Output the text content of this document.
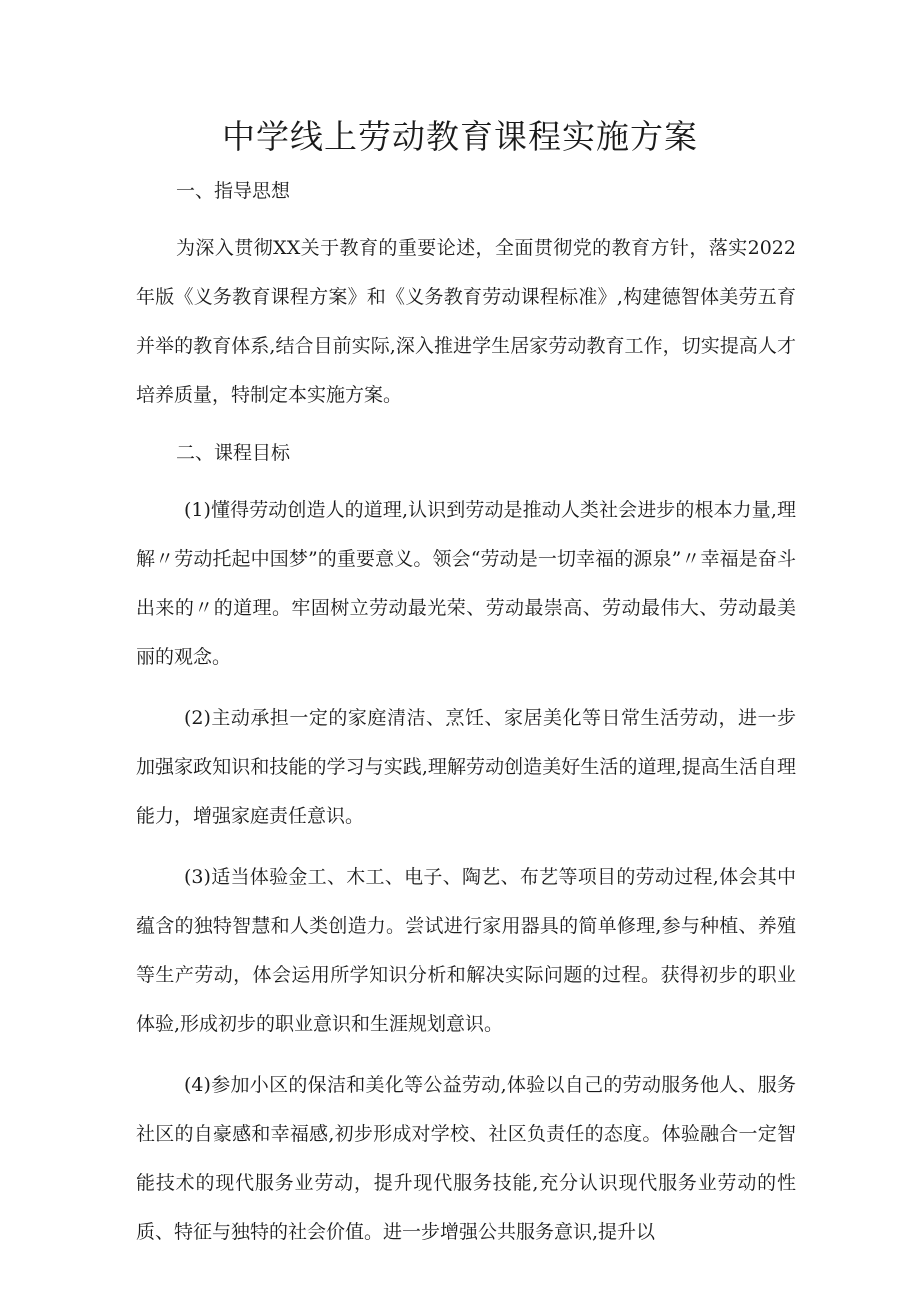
中学线上劳动教育课程实施方案
一、指导思想

为深入贯彻XX关于教育的重要论述，全面贯彻党的教育方针，落实2022年版《义务教育课程方案》和《义务教育劳动课程标准》,构建德智体美劳五育并举的教育体系,结合目前实际,深入推进学生居家劳动教育工作，切实提高人才培养质量，特制定本实施方案。

二、课程目标

(1)懂得劳动创造人的道理,认识到劳动是推动人类社会进步的根本力量,理解〃劳动托起中国梦”的重要意义。领会“劳动是一切幸福的源泉”〃幸福是奋斗出来的〃的道理。牢固树立劳动最光荣、劳动最崇高、劳动最伟大、劳动最美丽的观念。

(2)主动承担一定的家庭清洁、烹饪、家居美化等日常生活劳动，进一步加强家政知识和技能的学习与实践,理解劳动创造美好生活的道理,提高生活自理能力，增强家庭责任意识。

(3)适当体验金工、木工、电子、陶艺、布艺等项目的劳动过程,体会其中蕴含的独特智慧和人类创造力。尝试进行家用器具的简单修理,参与种植、养殖等生产劳动，体会运用所学知识分析和解决实际问题的过程。获得初步的职业体验,形成初步的职业意识和生涯规划意识。

(4)参加小区的保洁和美化等公益劳动,体验以自己的劳动服务他人、服务社区的自豪感和幸福感,初步形成对学校、社区负责任的态度。体验融合一定智能技术的现代服务业劳动，提升现代服务技能,充分认识现代服务业劳动的性质、特征与独特的社会价值。进一步增强公共服务意识,提升以
